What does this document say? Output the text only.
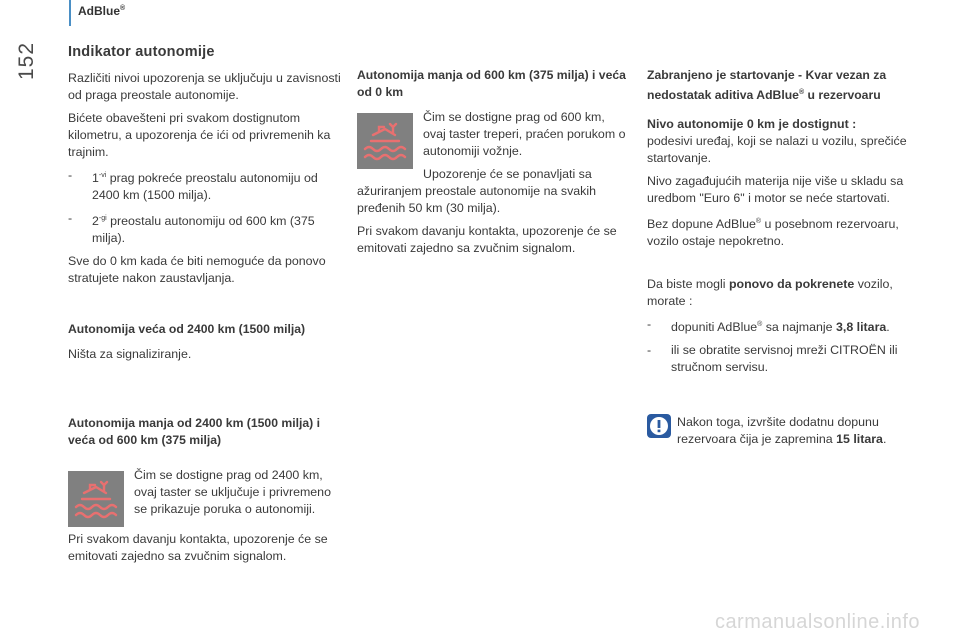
152
AdBlue®
Indikator autonomije

Različiti nivoi upozorenja se uključuju u zavisnosti od praga preostale autonomije.

Bićete obavešteni pri svakom dostignutom kilometru, a upozorenja će ići od privremenih ka trajnim.

- $1^{-vi}$ prag pokreće preostalu autonomiju od 2400 km (1500 milja).
- $2^{-gi}$ preostalu autonomiju od 600 km (375 milja).

Sve do 0 km kada će biti nemoguće da ponovo stratujete nakon zaustavljanja.

Autonomija veća od 2400 km (1500 milja)

Ništa za signaliziranje.

Autonomija manja od 2400 km (1500 milja) i veća od 600 km (375 milja)

Čim se dostigne prag od 2400 km, ovaj taster se uključuje i privremeno se prikazuje poruka o autonomiji.

Pri svakom davanju kontakta, upozorenje će se emitovati zajedno sa zvučnim signalom.

Autonomija manja od 600 km (375 milja) i veća od 0 km

Čim se dostigne prag od 600 km, ovaj taster treperi, praćen porukom o autonomiji vožnje.

Upozorenje će se ponavljati sa ažuriranjem preostale autonomije na svakih pređenih 50 km (30 milja).

Pri svakom davanju kontakta, upozorenje će se emitovati zajedno sa zvučnim signalom.

Zabranjeno je startovanje - Kvar vezan za nedostatak aditiva AdBlue® u rezervoaru

Nivo autonomije 0 km je dostignut :

podesivi uređaj, koji se nalazi u vozilu, sprečiće startovanje.

Nivo zagađujućih materija nije više u skladu sa uredbom "Euro 6" i motor se neće startovati.

Bez dopune AdBlue® u posebnom rezervoaru, vozilo ostaje nepokretno.

Da biste mogli ponovo da pokrenete vozilo, morate :

- dopuniti AdBlue® sa najmanje 3,8 litara.
- ili se obratite servisnoj mreži CITROËN ili stručnom servisu.
Nakon toga, izvršite dodatnu dopunu rezervoara čija je zapremina 15 litara.
carmanualsonline.info
